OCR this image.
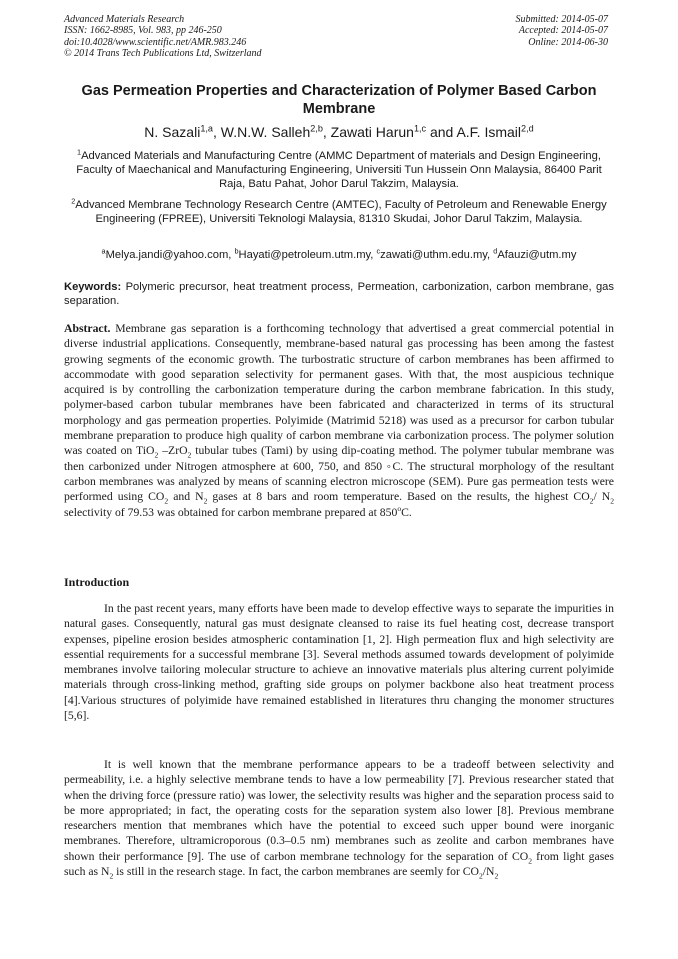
Advanced Materials Research
ISSN: 1662-8985, Vol. 983, pp 246-250
doi:10.4028/www.scientific.net/AMR.983.246
© 2014 Trans Tech Publications Ltd, Switzerland
Submitted: 2014-05-07
Accepted: 2014-05-07
Online: 2014-06-30
Gas Permeation Properties and Characterization of Polymer Based Carbon Membrane
N. Sazali$^{1,a}$, W.N.W. Salleh$^{2,b}$, Zawati Harun$^{1,c}$ and A.F. Ismail$^{2,d}$
$^1$Advanced Materials and Manufacturing Centre (AMMC Department of materials and Design Engineering, Faculty of Maechanical and Manufacturing Engineering, Universiti Tun Hussein Onn Malaysia, 86400 Parit Raja, Batu Pahat, Johor Darul Takzim, Malaysia.
$^2$Advanced Membrane Technology Research Centre (AMTEC), Faculty of Petroleum and Renewable Energy Engineering (FPREE), Universiti Teknologi Malaysia, 81310 Skudai, Johor Darul Takzim, Malaysia.
$^a$Melya.jandi@yahoo.com, $^b$Hayati@petroleum.utm.my, $^c$zawati@uthm.edu.my, $^d$Afauzi@utm.my
Keywords: Polymeric precursor, heat treatment process, Permeation, carbonization, carbon membrane, gas separation.
Abstract. Membrane gas separation is a forthcoming technology that advertised a great commercial potential in diverse industrial applications. Consequently, membrane-based natural gas processing has been among the fastest growing segments of the economic growth. The turbostratic structure of carbon membranes has been affirmed to accommodate with good separation selectivity for permanent gases. With that, the most auspicious technique acquired is by controlling the carbonization temperature during the carbon membrane fabrication. In this study, polymer-based carbon tubular membranes have been fabricated and characterized in terms of its structural morphology and gas permeation properties. Polyimide (Matrimid 5218) was used as a precursor for carbon tubular membrane preparation to produce high quality of carbon membrane via carbonization process. The polymer solution was coated on TiO$_2$ –ZrO$_2$ tubular tubes (Tami) by using dip-coating method. The polymer tubular membrane was then carbonized under Nitrogen atmosphere at 600, 750, and 850 ◦C. The structural morphology of the resultant carbon membranes was analyzed by means of scanning electron microscope (SEM). Pure gas permeation tests were performed using $CO_2$ and $N_2$ gases at 8 bars and room temperature. Based on the results, the highest $CO_2/$ $N_2$ selectivity of 79.53 was obtained for carbon membrane prepared at 850$^o$C.
Introduction
In the past recent years, many efforts have been made to develop effective ways to separate the impurities in natural gases. Consequently, natural gas must designate cleansed to raise its fuel heating cost, decrease transport expenses, pipeline erosion besides atmospheric contamination [1, 2]. High permeation flux and high selectivity are essential requirements for a successful membrane [3]. Several methods assumed towards development of polyimide membranes involve tailoring molecular structure to achieve an innovative materials plus altering current polyimide materials through cross-linking method, grafting side groups on polymer backbone also heat treatment process [4].Various structures of polyimide have remained established in literatures thru changing the monomer structures [5,6].
It is well known that the membrane performance appears to be a tradeoff between selectivity and permeability, i.e. a highly selective membrane tends to have a low permeability [7]. Previous researcher stated that when the driving force (pressure ratio) was lower, the selectivity results was higher and the separation process said to be more appropriated; in fact, the operating costs for the separation system also lower [8]. Previous membrane researchers mention that membranes which have the potential to exceed such upper bound were inorganic membranes. Therefore, ultramicroporous (0.3–0.5 nm) membranes such as zeolite and carbon membranes have shown their performance [9]. The use of carbon membrane technology for the separation of $CO_2$ from light gases such as $N_2$ is still in the research stage. In fact, the carbon membranes are seemly for $CO_2/N_2$
